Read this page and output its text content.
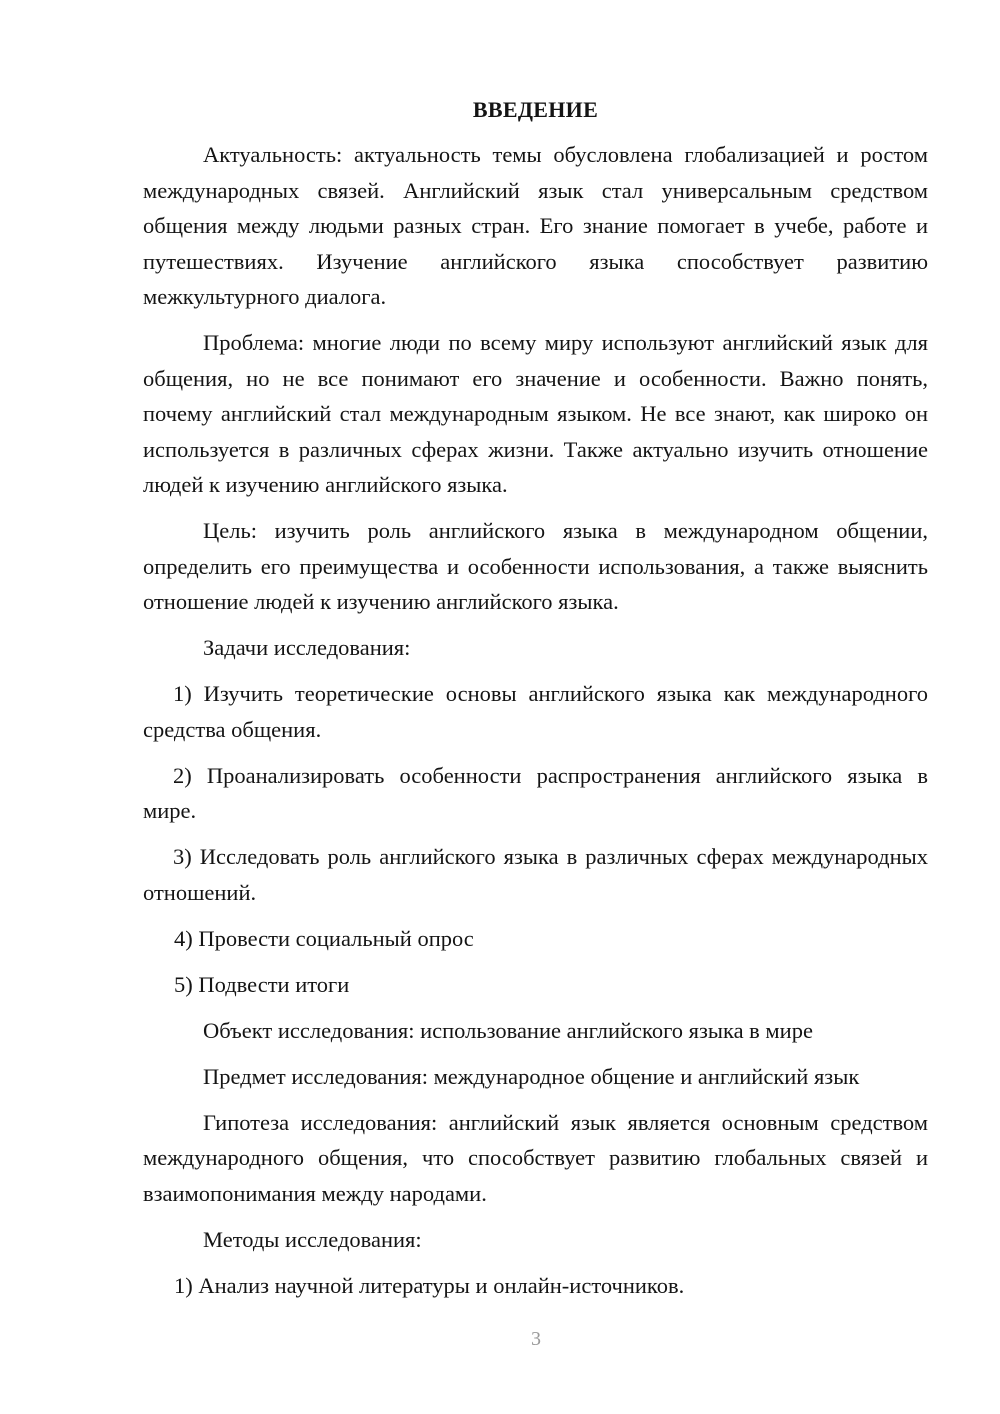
ВВЕДЕНИЕ

Актуальность: актуальность темы обусловлена глобализацией и ростом международных связей. Английский язык стал универсальным средством общения между людьми разных стран. Его знание помогает в учебе, работе и путешествиях. Изучение английского языка способствует развитию межкультурного диалога.

Проблема: многие люди по всему миру используют английский язык для общения, но не все понимают его значение и особенности. Важно понять, почему английский стал международным языком. Не все знают, как широко он используется в различных сферах жизни. Также актуально изучить отношение людей к изучению английского языка.

Цель: изучить роль английского языка в международном общении, определить его преимущества и особенности использования, а также выяснить отношение людей к изучению английского языка.

Задачи исследования:

1) Изучить теоретические основы английского языка как международного средства общения.

2) Проанализировать особенности распространения английского языка в мире.

3) Исследовать роль английского языка в различных сферах международных отношений.

4) Провести социальный опрос

5) Подвести итоги

Объект исследования: использование английского языка в мире

Предмет исследования: международное общение и английский язык

Гипотеза исследования: английский язык является основным средством международного общения, что способствует развитию глобальных связей и взаимопонимания между народами.

Методы исследования:

1) Анализ научной литературы и онлайн-источников.

3
